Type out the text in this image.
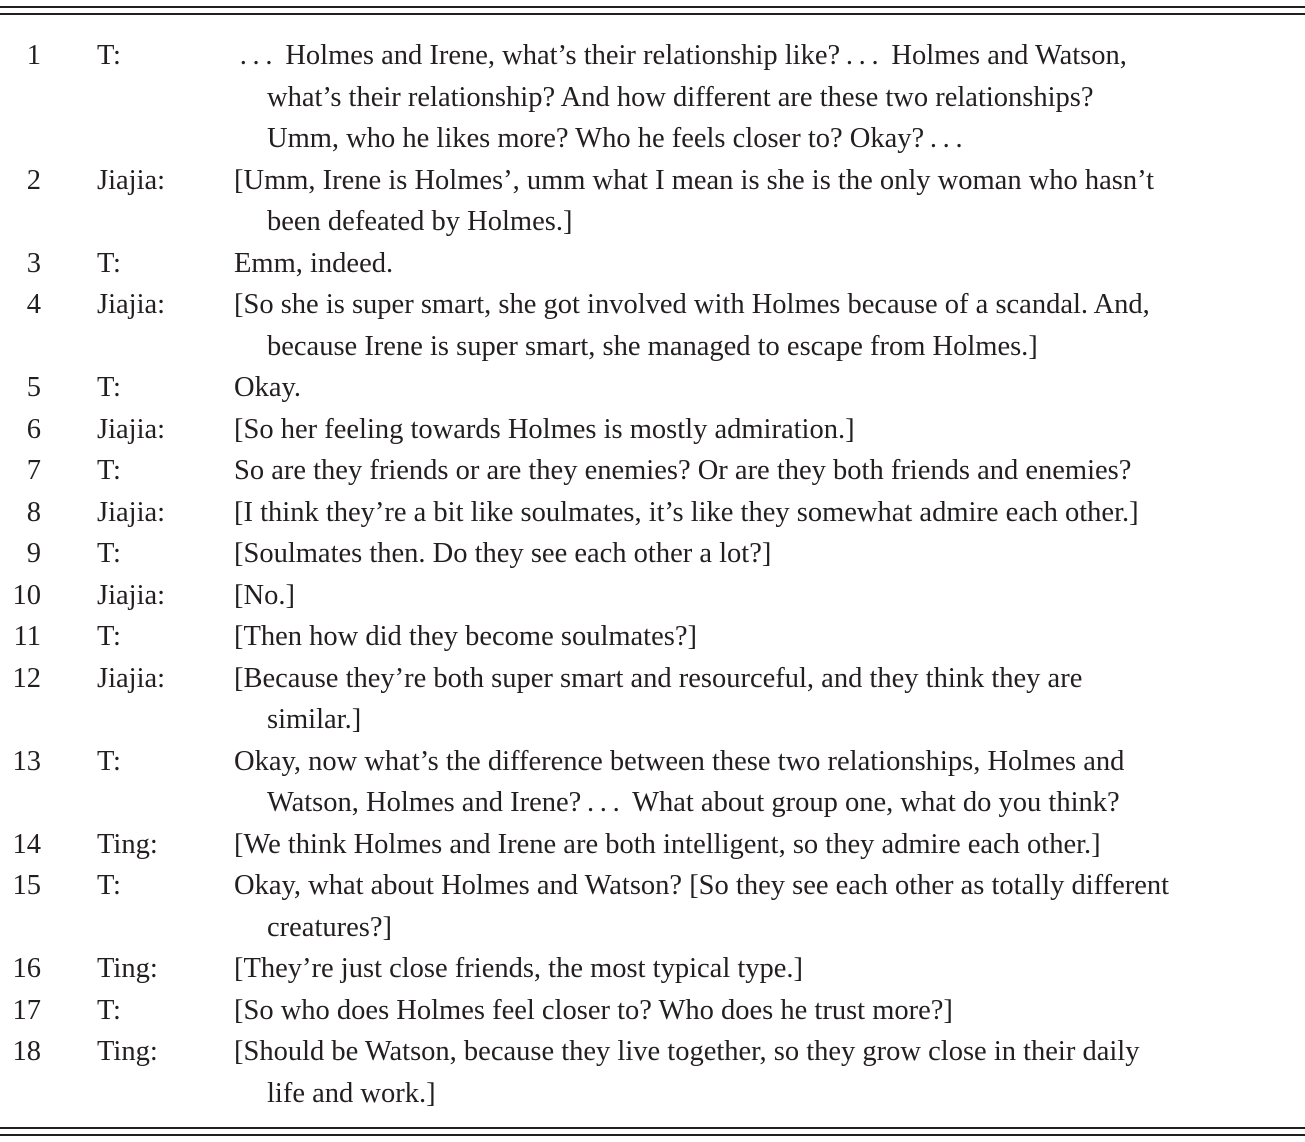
1 T:	 . . .  Holmes and Irene, what’s their relationship like? . . .  Holmes and Watson,
what’s their relationship? And how different are these two relationships?
Umm, who he likes more? Who he feels closer to? Okay? . . .
2 Jiajia: [Umm, Irene is Holmes’, umm what I mean is she is the only woman who hasn’t
been defeated by Holmes.]
3 T:	Emm, indeed.
4 Jiajia: [So she is super smart, she got involved with Holmes because of a scandal. And,
because Irene is super smart, she managed to escape from Holmes.]
5 T:	Okay.
6 Jiajia: [So her feeling towards Holmes is mostly admiration.]
7 T:	So are they friends or are they enemies? Or are they both friends and enemies?
8 Jiajia: [I think they’re a bit like soulmates, it’s like they somewhat admire each other.]
9 T:	[Soulmates then. Do they see each other a lot?]
10 Jiajia: [No.]
11 T:	[Then how did they become soulmates?]
12 Jiajia: [Because they’re both super smart and resourceful, and they think they are
similar.]
13 T:	Okay, now what’s the difference between these two relationships, Holmes and
Watson, Holmes and Irene? . . .  What about group one, what do you think?
14 Ting:	[We think Holmes and Irene are both intelligent, so they admire each other.]
15 T:	Okay, what about Holmes and Watson? [So they see each other as totally different
creatures?]
16 Ting:	[They’re just close friends, the most typical type.]
17 T:	[So who does Holmes feel closer to? Who does he trust more?]
18 Ting:	[Should be Watson, because they live together, so they grow close in their daily
life and work.]
